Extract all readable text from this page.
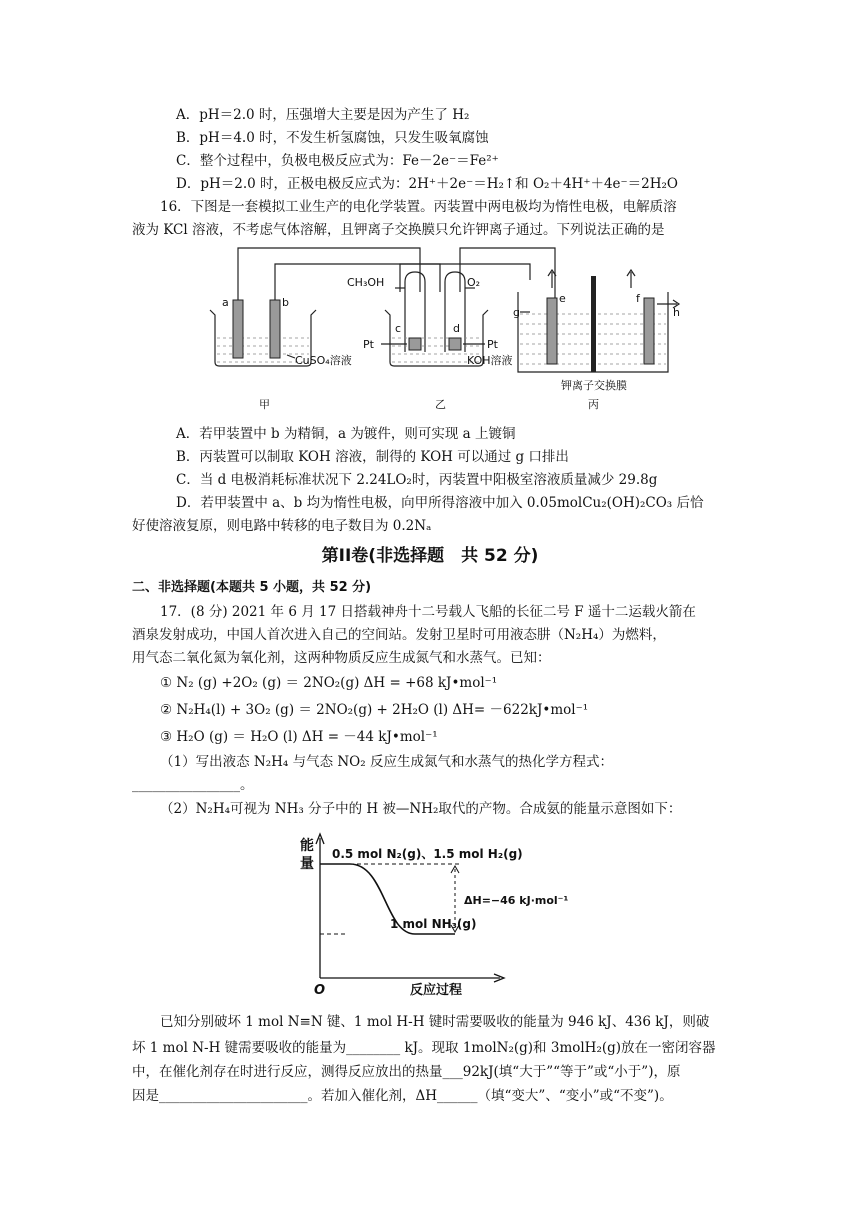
A．pH＝2.0 时，压强增大主要是因为产生了 H₂
B．pH＝4.0 时，不发生析氢腐蚀，只发生吸氧腐蚀
C．整个过程中，负极电极反应式为：Fe－2e⁻＝Fe²⁺
D．pH＝2.0 时，正极电极反应式为：2H⁺＋2e⁻＝H₂↑和 O₂＋4H⁺＋4e⁻＝2H₂O
16．下图是一套模拟工业生产的电化学装置。丙装置中两电极均为惰性电极，电解质溶
液为 KCl 溶液，不考虑气体溶解，且钾离子交换膜只允许钾离子通过。下列说法正确的是
a	b
CH₃OH	O₂
c	d
Pt	Pt
CuSO₄溶液	KOH溶液
e	f
g	h
钾离子交换膜
甲	乙	丙
A．若甲装置中 b 为精铜，a 为镀件，则可实现 a 上镀铜
B．丙装置可以制取 KOH 溶液，制得的 KOH 可以通过 g 口排出
C．当 d 电极消耗标准状况下 2.24LO₂时，丙装置中阳极室溶液质量减少 29.8g
D．若甲装置中 a、b 均为惰性电极，向甲所得溶液中加入 0.05molCu₂(OH)₂CO₃ 后恰
好使溶液复原，则电路中转移的电子数目为 0.2Nₐ
第II卷(非选择题　共 52 分)
二、非选择题(本题共 5 小题，共 52 分)
17．(8 分) 2021 年 6 月 17 日搭载神舟十二号载人飞船的长征二号 F 遥十二运载火箭在
酒泉发射成功，中国人首次进入自己的空间站。发射卫星时可用液态肼（N₂H₄）为燃料，
用气态二氧化氮为氧化剂，这两种物质反应生成氮气和水蒸气。已知：
① N₂ (g) +2O₂ (g) ＝ 2NO₂(g) ΔH = +68 kJ•mol⁻¹
② N₂H₄(l) + 3O₂ (g) ＝ 2NO₂(g) + 2H₂O (l) ΔH= －622kJ•mol⁻¹
③ H₂O (g) ＝ H₂O (l) ΔH = －44 kJ•mol⁻¹
（1）写出液态 N₂H₄ 与气态 NO₂ 反应生成氮气和水蒸气的热化学方程式：
________________。
（2）N₂H₄可视为 NH₃ 分子中的 H 被—NH₂取代的产物。合成氨的能量示意图如下：
能
量
0.5 mol N₂(g)、1.5 mol H₂(g)
1 mol NH₃(g)
ΔH=−46 kJ·mol⁻¹
O	反应过程
已知分别破坏 1 mol N≡N 键、1 mol H-H 键时需要吸收的能量为 946 kJ、436 kJ，则破
坏 1 mol N-H 键需要吸收的能量为________ kJ。现取 1molN₂(g)和 3molH₂(g)放在一密闭容器
中，在催化剂存在时进行反应，测得反应放出的热量___92kJ(填“大于”“等于”或“小于”)，原
因是______________________。若加入催化剂，ΔH______（填“变大”、“变小”或“不变”)。
